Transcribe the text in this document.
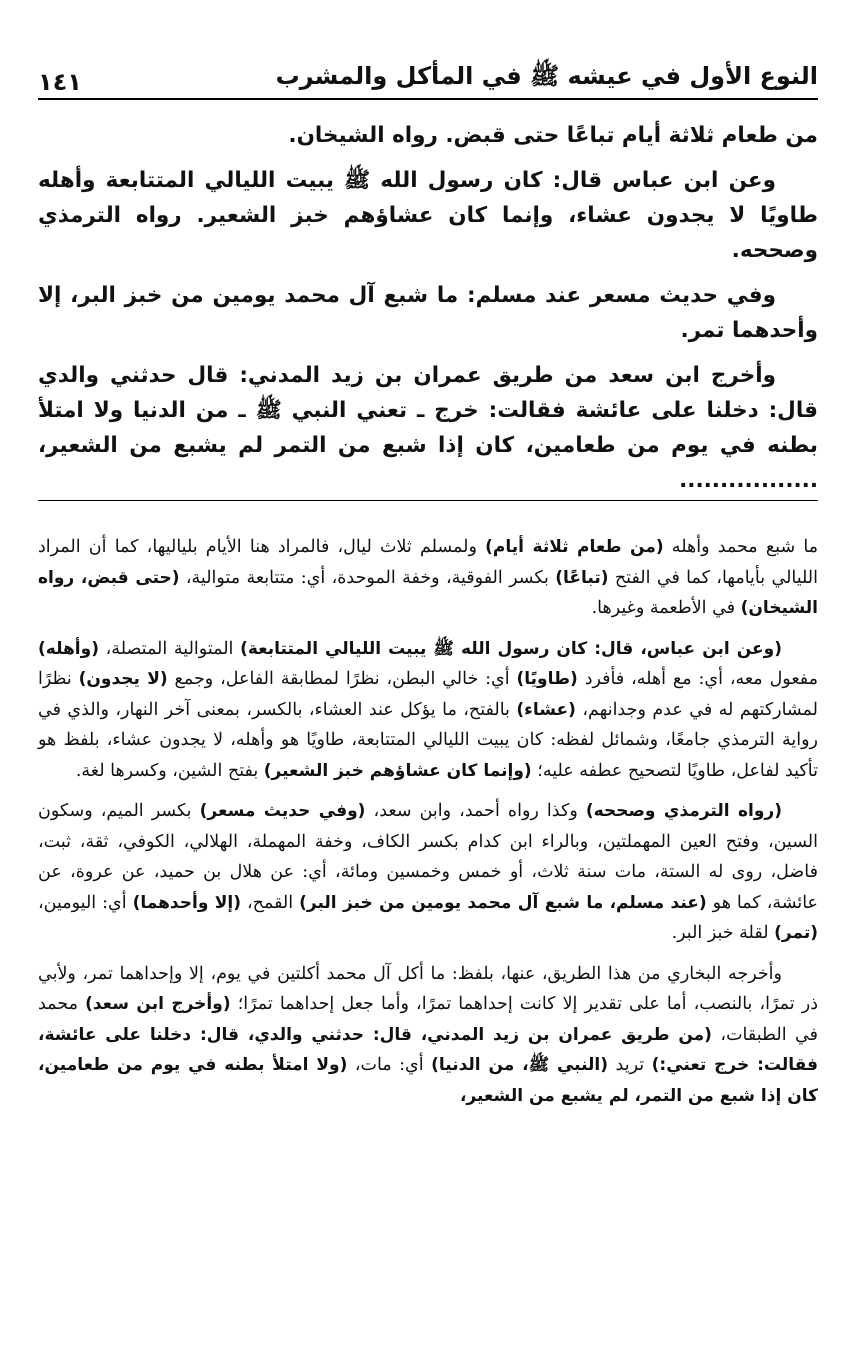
١٤١	النوع الأول في عيشه ﷺ في المأكل والمشرب

من طعام ثلاثة أيام تباعًا حتى قبض. رواه الشيخان.

وعن ابن عباس قال: كان رسول الله ﷺ يبيت الليالي المتتابعة وأهله طاويًا لا يجدون عشاء، وإنما كان عشاؤهم خبز الشعير. رواه الترمذي وصححه.

وفي حديث مسعر عند مسلم: ما شبع آل محمد يومين من خبز البر، إلا وأحدهما تمر.

وأخرج ابن سعد من طريق عمران بن زيد المدني: قال حدثني والدي قال: دخلنا على عائشة فقالت: خرج ـ تعني النبي ﷺ ـ من الدنيا ولا امتلأ بطنه في يوم من طعامين، كان إذا شبع من التمر لم يشبع من الشعير، .................

ما شبع محمد وأهله (من طعام ثلاثة أيام) ولمسلم ثلاث ليال، فالمراد هنا الأيام بلياليها، كما أن المراد الليالي بأيامها، كما في الفتح (تباعًا) بكسر الفوقية، وخفة الموحدة، أي: متتابعة متوالية، (حتى قبض، رواه الشيخان) في الأطعمة وغيرها.

(وعن ابن عباس، قال: كان رسول الله ﷺ يبيت الليالي المتتابعة) المتوالية المتصلة، (وأهله) مفعول معه، أي: مع أهله، فأفرد (طاويًا) أي: خالي البطن، نظرًا لمطابقة الفاعل، وجمع (لا يجدون) نظرًا لمشاركتهم له في عدم وجدانهم، (عشاء) بالفتح، ما يؤكل عند العشاء، بالكسر، بمعنى آخر النهار، والذي في رواية الترمذي جامعًا، وشمائل لفظه: كان يبيت الليالي المتتابعة، طاويًا هو وأهله، لا يجدون عشاء، بلفظ هو تأكيد لفاعل، طاويًا لتصحيح عطفه عليه؛ (وإنما كان عشاؤهم خبز الشعير) بفتح الشين، وكسرها لغة.

(رواه الترمذي وصححه) وكذا رواه أحمد، وابن سعد، (وفي حديث مسعر) بكسر الميم، وسكون السين، وفتح العين المهملتين، وبالراء ابن كدام بكسر الكاف، وخفة المهملة، الهلالي، الكوفي، ثقة، ثبت، فاضل، روى له الستة، مات سنة ثلاث، أو خمس وخمسين ومائة، أي: عن هلال بن حميد، عن عروة، عن عائشة، كما هو (عند مسلم، ما شبع آل محمد يومين من خبز البر) القمح، (إلا وأحدهما) أي: اليومين، (تمر) لقلة خبز البر.

وأخرجه البخاري من هذا الطريق، عنها، بلفظ: ما أكل آل محمد أكلتين في يوم، إلا وإحداهما تمر، ولأبي ذر تمرًا، بالنصب، أما على تقدير إلا كانت إحداهما تمرًا، وأما جعل إحداهما تمرًا؛ (وأخرج ابن سعد) محمد في الطبقات، (من طريق عمران بن زيد المدني، قال: حدثني والدي، قال: دخلنا على عائشة، فقالت: خرج تعني:) تريد (النبي ﷺ، من الدنيا) أي: مات، (ولا امتلأ بطنه في يوم من طعامين، كان إذا شبع من التمر، لم يشبع من الشعير،
